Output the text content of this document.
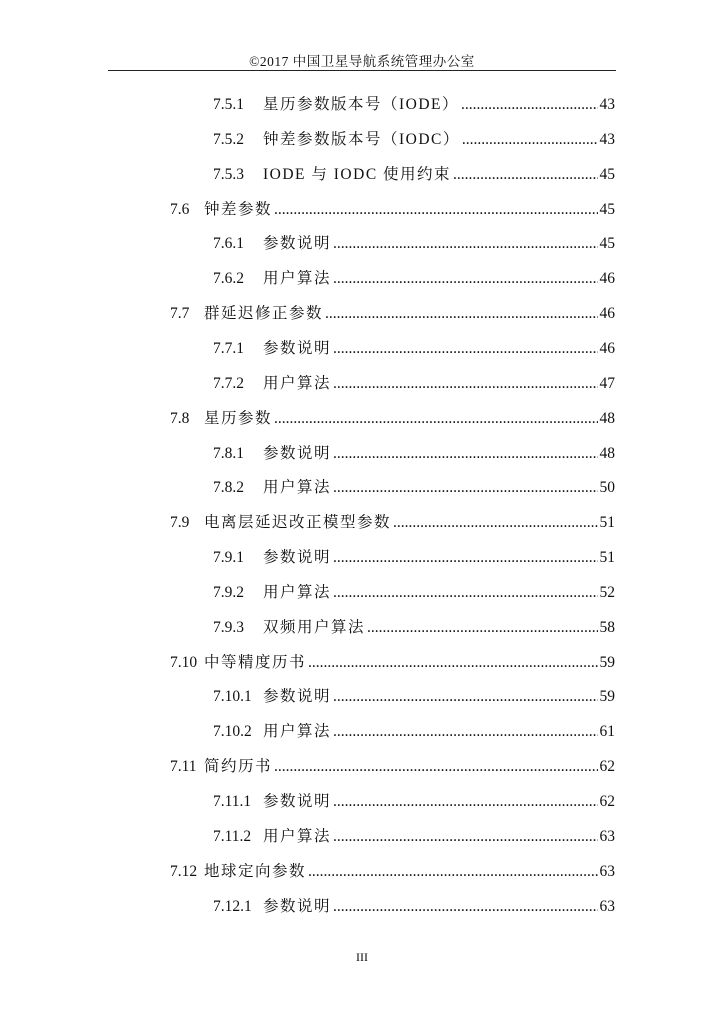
©2017 中国卫星导航系统管理办公室
7.5.1	星历参数版本号（IODE） .....	43
7.5.2	钟差参数版本号（IODC） .....	43
7.5.3	IODE 与 IODC 使用约束 .....	45
7.6 钟差参数 .....	45
7.6.1	参数说明 .....	45
7.6.2	用户算法 .....	46
7.7 群延迟修正参数 .....	46
7.7.1	参数说明 .....	46
7.7.2	用户算法 .....	47
7.8 星历参数 .....	48
7.8.1	参数说明 .....	48
7.8.2	用户算法 .....	50
7.9 电离层延迟改正模型参数 .....	51
7.9.1	参数说明 .....	51
7.9.2	用户算法 .....	52
7.9.3	双频用户算法 .....	58
7.10 中等精度历书 .....	59
7.10.1 参数说明 .....	59
7.10.2 用户算法 .....	61
7.11 简约历书 .....	62
7.11.1 参数说明 .....	62
7.11.2 用户算法 .....	63
7.12 地球定向参数 .....	63
7.12.1 参数说明 .....	63
III
